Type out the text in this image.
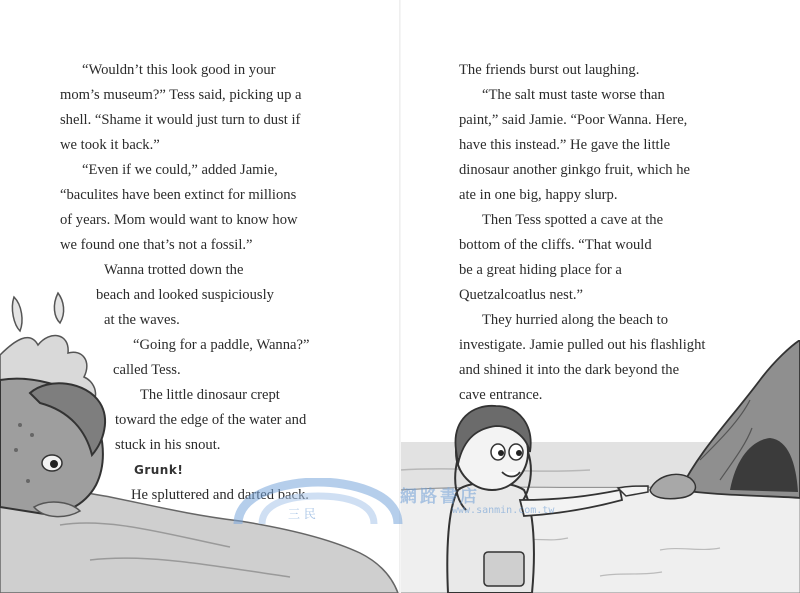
“Wouldn’t this look good in your
mom’s museum?” Tess said, picking up a
shell. “Shame it would just turn to dust if
we took it back.”
“Even if we could,” added Jamie,
“baculites have been extinct for millions
of years. Mom would want to know how
we found one that’s not a fossil.”
Wanna trotted down the
beach and looked suspiciously
at the waves.
“Going for a paddle, Wanna?”
called Tess.
The little dinosaur crept
toward the edge of the water and
stuck in his snout.
Grunk!
He spluttered and darted back.
The friends burst out laughing.
“The salt must taste worse than
paint,” said Jamie. “Poor Wanna. Here,
have this instead.” He gave the little
dinosaur another ginkgo fruit, which he
ate in one big, happy slurp.
Then Tess spotted a cave at the
bottom of the cliffs. “That would
be a great hiding place for a
Quetzalcoatlus nest.”
They hurried along the beach to
investigate. Jamie pulled out his flashlight
and shined it into the dark beyond the
cave entrance.
三 民
網路書店
www.sanmin.com.tw
